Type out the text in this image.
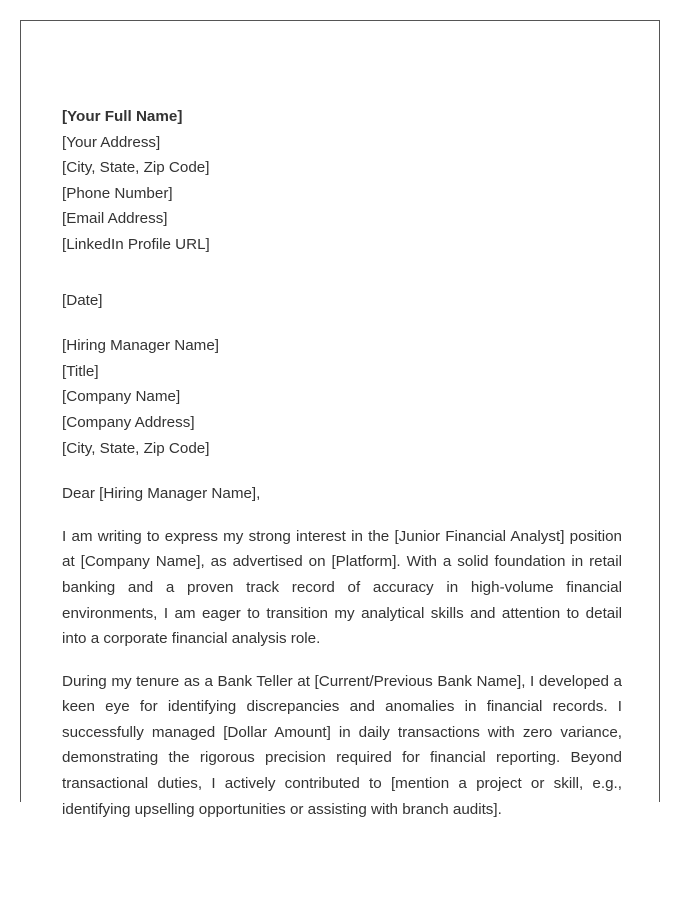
[Your Full Name]
[Your Address]
[City, State, Zip Code]
[Phone Number]
[Email Address]
[LinkedIn Profile URL]
[Date]
[Hiring Manager Name]
[Title]
[Company Name]
[Company Address]
[City, State, Zip Code]
Dear [Hiring Manager Name],

I am writing to express my strong interest in the [Junior Financial Analyst] position at [Company Name], as advertised on [Platform]. With a solid foundation in retail banking and a proven track record of accuracy in high-volume financial environments, I am eager to transition my analytical skills and attention to detail into a corporate financial analysis role.

During my tenure as a Bank Teller at [Current/Previous Bank Name], I developed a keen eye for identifying discrepancies and anomalies in financial records. I successfully managed [Dollar Amount] in daily transactions with zero variance, demonstrating the rigorous precision required for financial reporting. Beyond transactional duties, I actively contributed to [mention a project or skill, e.g., identifying upselling opportunities or assisting with branch audits].
